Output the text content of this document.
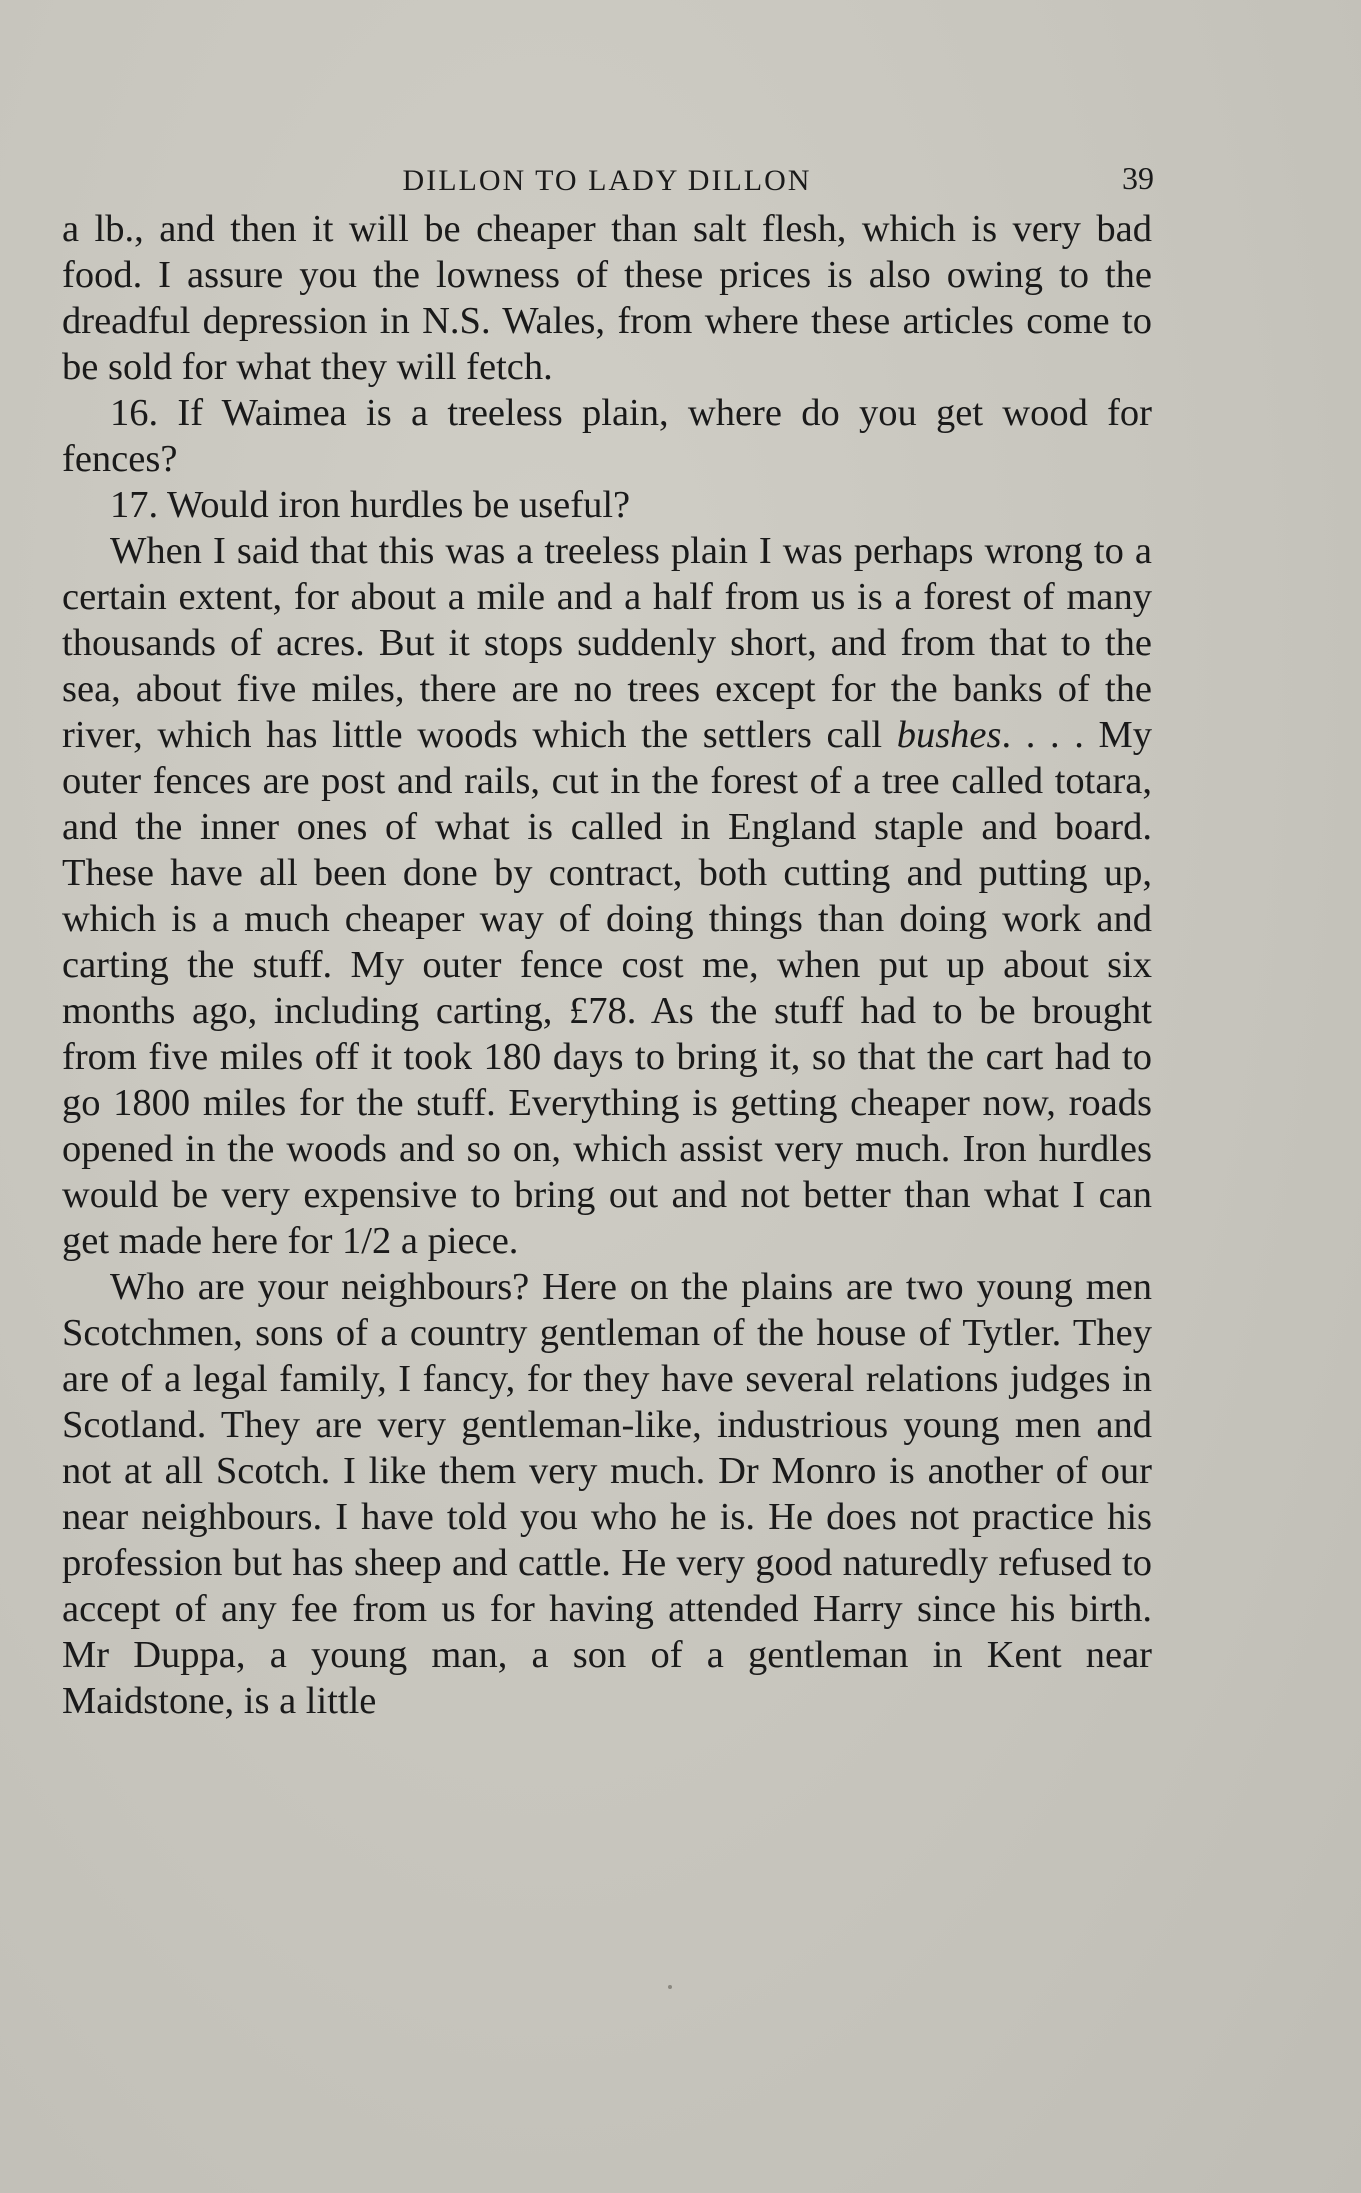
DILLON TO LADY DILLON	39

a lb., and then it will be cheaper than salt flesh, which is very bad food. I assure you the lowness of these prices is also owing to the dreadful depression in N.S. Wales, from where these articles come to be sold for what they will fetch.

16. If Waimea is a treeless plain, where do you get wood for fences?

17. Would iron hurdles be useful?

When I said that this was a treeless plain I was perhaps wrong to a certain extent, for about a mile and a half from us is a forest of many thousands of acres. But it stops suddenly short, and from that to the sea, about five miles, there are no trees except for the banks of the river, which has little woods which the settlers call bushes. . . . My outer fences are post and rails, cut in the forest of a tree called totara, and the inner ones of what is called in England staple and board. These have all been done by contract, both cutting and putting up, which is a much cheaper way of doing things than doing work and carting the stuff. My outer fence cost me, when put up about six months ago, including carting, £78. As the stuff had to be brought from five miles off it took 180 days to bring it, so that the cart had to go 1800 miles for the stuff. Everything is getting cheaper now, roads opened in the woods and so on, which assist very much. Iron hurdles would be very expensive to bring out and not better than what I can get made here for 1/2 a piece.

Who are your neighbours? Here on the plains are two young men Scotchmen, sons of a country gentleman of the house of Tytler. They are of a legal family, I fancy, for they have several relations judges in Scotland. They are very gentleman-like, industrious young men and not at all Scotch. I like them very much. Dr Monro is another of our near neighbours. I have told you who he is. He does not practice his profession but has sheep and cattle. He very good naturedly refused to accept of any fee from us for having attended Harry since his birth. Mr Duppa, a young man, a son of a gentleman in Kent near Maidstone, is a little
